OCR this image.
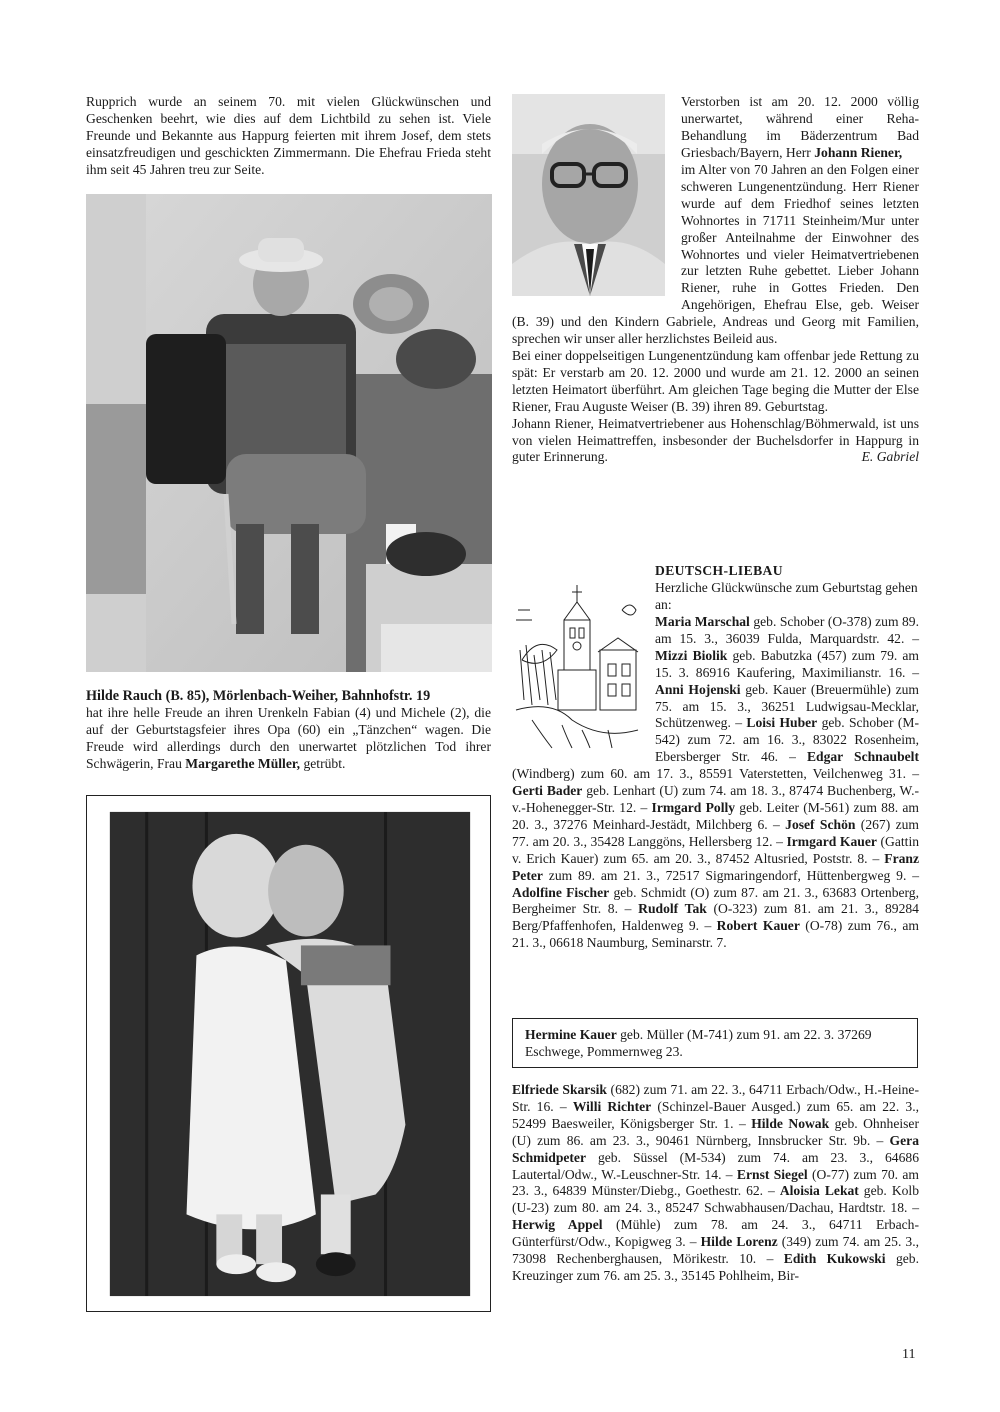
Rupprich wurde an seinem 70. mit vielen Glückwünschen und Geschenken beehrt, wie dies auf dem Lichtbild zu sehen ist. Viele Freunde und Bekannte aus Happurg feierten mit ihrem Josef, dem stets einsatzfreudigen und geschickten Zimmermann. Die Ehefrau Frieda steht ihm seit 45 Jahren treu zur Seite.
Hilde Rauch (B. 85), Mörlenbach-Weiher, Bahnhofstr. 19
hat ihre helle Freude an ihren Urenkeln Fabian (4) und Michele (2), die auf der Geburtstagsfeier ihres Opa (60) ein „Tänzchen“ wagen. Die Freude wird allerdings durch den unerwartet plötzlichen Tod ihrer Schwägerin, Frau Margarethe Müller, getrübt.
Verstorben ist am 20. 12. 2000 völlig unerwartet, während einer Reha-Behandlung im Bäderzentrum Bad Griesbach/Bayern, Herr Johann Riener,
im Alter von 70 Jahren an den Folgen einer schweren Lungenentzündung. Herr Riener wurde auf dem Friedhof seines letzten Wohnortes in 71711 Steinheim/Mur unter großer Anteilnahme der Einwohner des Wohnortes und vieler Heimatvertriebenen zur letzten Ruhe gebettet. Lieber Johann Riener, ruhe in Gottes Frieden. Den Angehörigen, Ehefrau Else, geb. Weiser (B. 39) und den Kindern Gabriele, Andreas und Georg mit Familien, sprechen wir unser aller herzlichstes Beileid aus.

Bei einer doppelseitigen Lungenentzündung kam offenbar jede Rettung zu spät: Er verstarb am 20. 12. 2000 und wurde am 21. 12. 2000 an seinen letzten Heimatort überführt. Am gleichen Tage beging die Mutter der Else Riener, Frau Auguste Weiser (B. 39) ihren 89. Geburtstag.

Johann Riener, Heimatvertriebener aus Hohenschlag/Böhmerwald, ist uns von vielen Heimattreffen, insbesonder der Buchelsdorfer in Happurg in guter Erinnerung.	E. Gabriel

DEUTSCH-LIEBAU
Herzliche Glückwünsche zum Geburtstag gehen an:
Maria Marschal geb. Schober (O-378) zum 89. am 15. 3., 36039 Fulda, Marquardstr. 42. – Mizzi Biolik geb. Babutzka (457) zum 79. am 15. 3. 86916 Kaufering, Maximilianstr. 16. – Anni Hojenski geb. Kauer (Breuermühle) zum 75. am 15. 3., 36251 Ludwigsau-Mecklar, Schützenweg. – Loisi Huber geb. Schober (M-542) zum 72. am 16. 3., 83022 Rosenheim, Ebersberger Str. 46. – Edgar Schnaubelt (Windberg) zum 60. am 17. 3., 85591 Vaterstetten, Veilchenweg 31. – Gerti Bader geb. Lenhart (U) zum 74. am 18. 3., 87474 Buchenberg, W.-v.-Hohenegger-Str. 12. – Irmgard Polly geb. Leiter (M-561) zum 88. am 20. 3., 37276 Meinhard-Jestädt, Milchberg 6. – Josef Schön (267) zum 77. am 20. 3., 35428 Langgöns, Hellersberg 12. – Irmgard Kauer (Gattin v. Erich Kauer) zum 65. am 20. 3., 87452 Altusried, Poststr. 8. – Franz Peter zum 89. am 21. 3., 72517 Sigmaringendorf, Hüttenbergweg 9. – Adolfine Fischer geb. Schmidt (O) zum 87. am 21. 3., 63683 Ortenberg, Bergheimer Str. 8. – Rudolf Tak (O-323) zum 81. am 21. 3., 89284 Berg/Pfaffenhofen, Haldenweg 9. – Robert Kauer (O-78) zum 76., am 21. 3., 06618 Naumburg, Seminarstr. 7.
Hermine Kauer geb. Müller (M-741) zum 91. am 22. 3. 37269 Eschwege, Pommernweg 23.
Elfriede Skarsik (682) zum 71. am 22. 3., 64711 Erbach/Odw., H.-Heine-Str. 16. – Willi Richter (Schinzel-Bauer Ausged.) zum 65. am 22. 3., 52499 Baesweiler, Königsberger Str. 1. – Hilde Nowak geb. Ohnheiser (U) zum 86. am 23. 3., 90461 Nürnberg, Innsbrucker Str. 9b. – Gera Schmidpeter geb. Süssel (M-534) zum 74. am 23. 3., 64686 Lautertal/Odw., W.-Leuschner-Str. 14. – Ernst Siegel (O-77) zum 70. am 23. 3., 64839 Münster/Diebg., Goethestr. 62. – Aloisia Lekat geb. Kolb (U-23) zum 80. am 24. 3., 85247 Schwabhausen/Dachau, Hardtstr. 18. – Herwig Appel (Mühle) zum 78. am 24. 3., 64711 Erbach-Günterfürst/Odw., Kopigweg 3. – Hilde Lorenz (349) zum 74. am 25. 3., 73098 Rechenberghausen, Mörikestr. 10. – Edith Kukowski geb. Kreuzinger zum 76. am 25. 3., 35145 Pohlheim, Bir-
11
